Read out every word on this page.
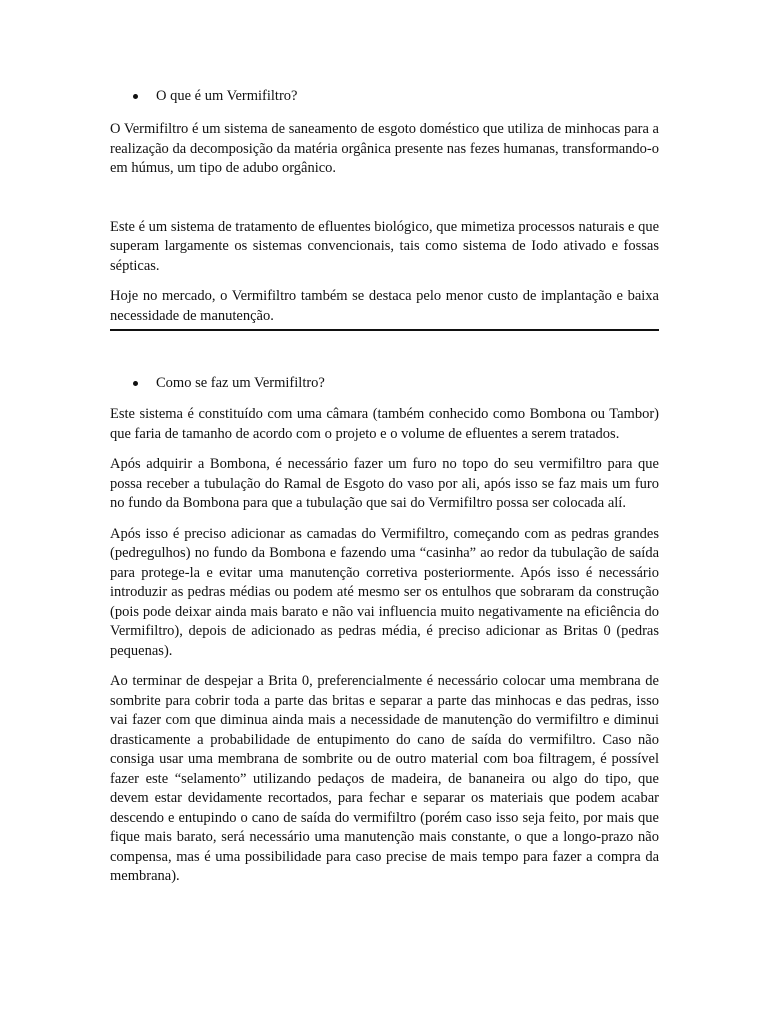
O que é um Vermifiltro?

O Vermifiltro é um sistema de saneamento de esgoto doméstico que utiliza de minhocas para a realização da decomposição da matéria orgânica presente nas fezes humanas, transformando-o em húmus, um tipo de adubo orgânico.

Este é um sistema de tratamento de efluentes biológico, que mimetiza processos naturais e que superam largamente os sistemas convencionais, tais como sistema de Iodo ativado e fossas sépticas.

Hoje no mercado, o Vermifiltro também se destaca pelo menor custo de implantação e baixa necessidade de manutenção.

Como se faz um Vermifiltro?

Este sistema é constituído com uma câmara (também conhecido como Bombona ou Tambor) que faria de tamanho de acordo com o projeto e o volume de efluentes a serem tratados.

Após adquirir a Bombona, é necessário fazer um furo no topo do seu vermifiltro para que possa receber a tubulação do Ramal de Esgoto do vaso por ali, após isso se faz mais um furo no fundo da Bombona para que a tubulação que sai do Vermifiltro possa ser colocada alí.

Após isso é preciso adicionar as camadas do Vermifiltro, começando com as pedras grandes (pedregulhos) no fundo da Bombona e fazendo uma “casinha” ao redor da tubulação de saída para protege-la e evitar uma manutenção corretiva posteriormente. Após isso é necessário introduzir as pedras médias ou podem até mesmo ser os entulhos que sobraram da construção (pois pode deixar ainda mais barato e não vai influencia muito negativamente na eficiência do Vermifiltro), depois de adicionado as pedras média, é preciso adicionar as Britas 0 (pedras pequenas).

Ao terminar de despejar a Brita 0, preferencialmente é necessário colocar uma membrana de sombrite para cobrir toda a parte das britas e separar a parte das minhocas e das pedras, isso vai fazer com que diminua ainda mais a necessidade de manutenção do vermifiltro e diminui drasticamente a probabilidade de entupimento do cano de saída do vermifiltro. Caso não consiga usar uma membrana de sombrite ou de outro material com boa filtragem, é possível fazer este “selamento” utilizando pedaços de madeira, de bananeira ou algo do tipo, que devem estar devidamente recortados, para fechar e separar os materiais que podem acabar descendo e entupindo o cano de saída do vermifiltro (porém caso isso seja feito, por mais que fique mais barato, será necessário uma manutenção mais constante, o que a longo-prazo não compensa, mas é uma possibilidade para caso precise de mais tempo para fazer a compra da membrana).
